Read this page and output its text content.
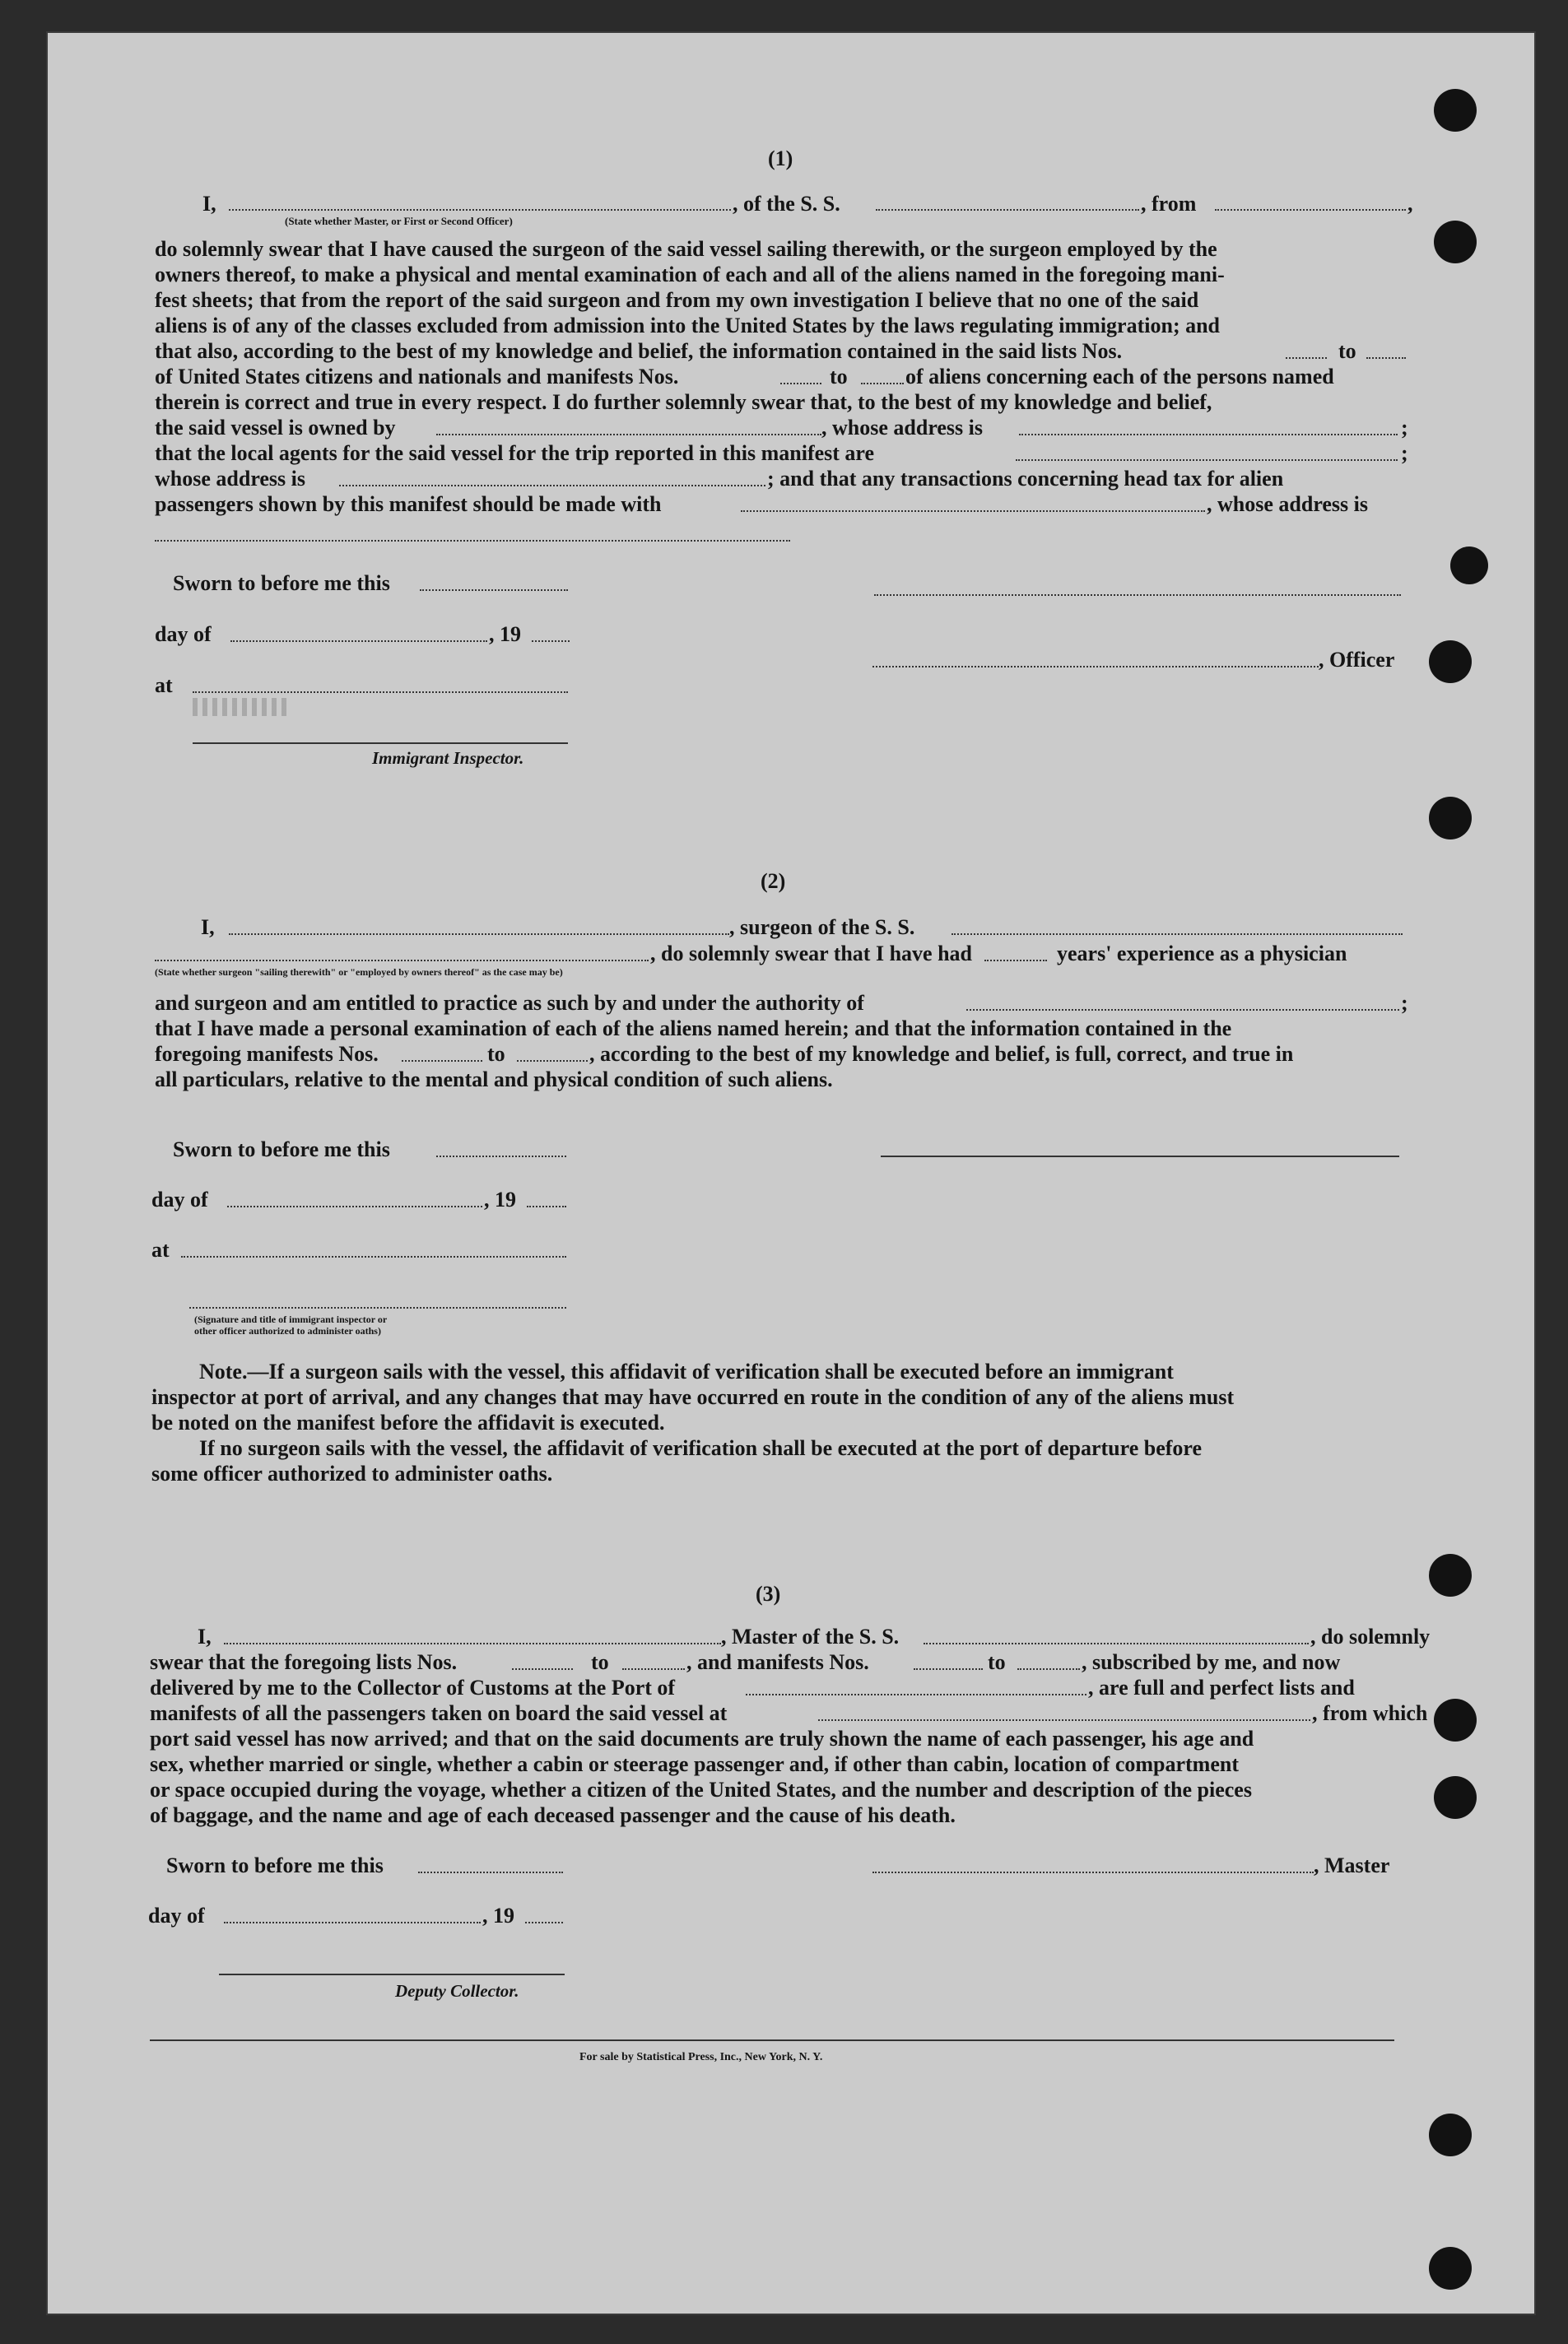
(1)
I,	, of the S. S.	, from	,
(State whether Master, or First or Second Officer)
do solemnly swear that I have caused the surgeon of the said vessel sailing therewith, or the surgeon employed by the
owners thereof, to make a physical and mental examination of each and all of the aliens named in the foregoing mani-
fest sheets; that from the report of the said surgeon and from my own investigation I believe that no one of the said
aliens is of any of the classes excluded from admission into the United States by the laws regulating immigration; and
that also, according to the best of my knowledge and belief, the information contained in the said lists Nos.	to
of United States citizens and nationals and manifests Nos.	to	of aliens concerning each of the persons named
therein is correct and true in every respect. I do further solemnly swear that, to the best of my knowledge and belief,
the said vessel is owned by	, whose address is	;
that the local agents for the said vessel for the trip reported in this manifest are	;
whose address is	; and that any transactions concerning head tax for alien
passengers shown by this manifest should be made with	, whose address is
Sworn to before me this
day of	, 19
, Officer
at
Immigrant Inspector.
(2)
I,	, surgeon of the S. S.
, do solemnly swear that I have had	years' experience as a physician
(State whether surgeon "sailing therewith" or "employed by owners thereof" as the case may be)
and surgeon and am entitled to practice as such by and under the authority of	;
that I have made a personal examination of each of the aliens named herein; and that the information contained in the
foregoing manifests Nos.	to	, according to the best of my knowledge and belief, is full, correct, and true in
all particulars, relative to the mental and physical condition of such aliens.
Sworn to before me this
day of	, 19
at
(Signature and title of immigrant inspector or
other officer authorized to administer oaths)
Note.—If a surgeon sails with the vessel, this affidavit of verification shall be executed before an immigrant
inspector at port of arrival, and any changes that may have occurred en route in the condition of any of the aliens must
be noted on the manifest before the affidavit is executed.
If no surgeon sails with the vessel, the affidavit of verification shall be executed at the port of departure before
some officer authorized to administer oaths.
(3)
I,	, Master of the S. S.	, do solemnly
swear that the foregoing lists Nos.	to	, and manifests Nos.	to	, subscribed by me, and now
delivered by me to the Collector of Customs at the Port of	, are full and perfect lists and
manifests of all the passengers taken on board the said vessel at	, from which
port said vessel has now arrived; and that on the said documents are truly shown the name of each passenger, his age and
sex, whether married or single, whether a cabin or steerage passenger and, if other than cabin, location of compartment
or space occupied during the voyage, whether a citizen of the United States, and the number and description of the pieces
of baggage, and the name and age of each deceased passenger and the cause of his death.
Sworn to before me this	, Master
day of	, 19
Deputy Collector.
For sale by Statistical Press, Inc., New York, N. Y.
